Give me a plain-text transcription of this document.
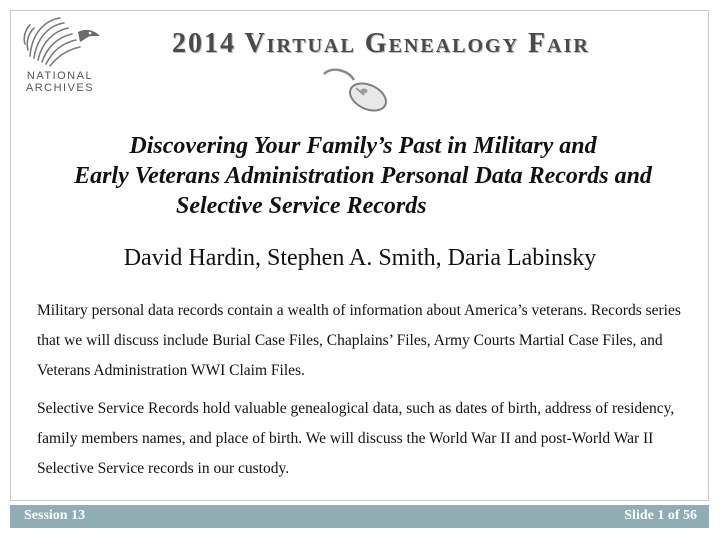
NATIONAL
ARCHIVES
2014 Virtual Genealogy Fair
Discovering Your Family’s Past in Military and
Early Veterans Administration Personal Data Records and
Selective Service Records
David Hardin, Stephen A. Smith, Daria Labinsky

Military personal data records contain a wealth of information about America’s veterans. Records series that we will discuss include Burial Case Files, Chaplains’ Files, Army Courts Martial Case Files, and Veterans Administration WWI Claim Files.

Selective Service Records hold valuable genealogical data, such as dates of birth, address of residency, family members names, and place of birth. We will discuss the World War II and post-World War II Selective Service records in our custody.

Session 13	Slide 1 of 56
